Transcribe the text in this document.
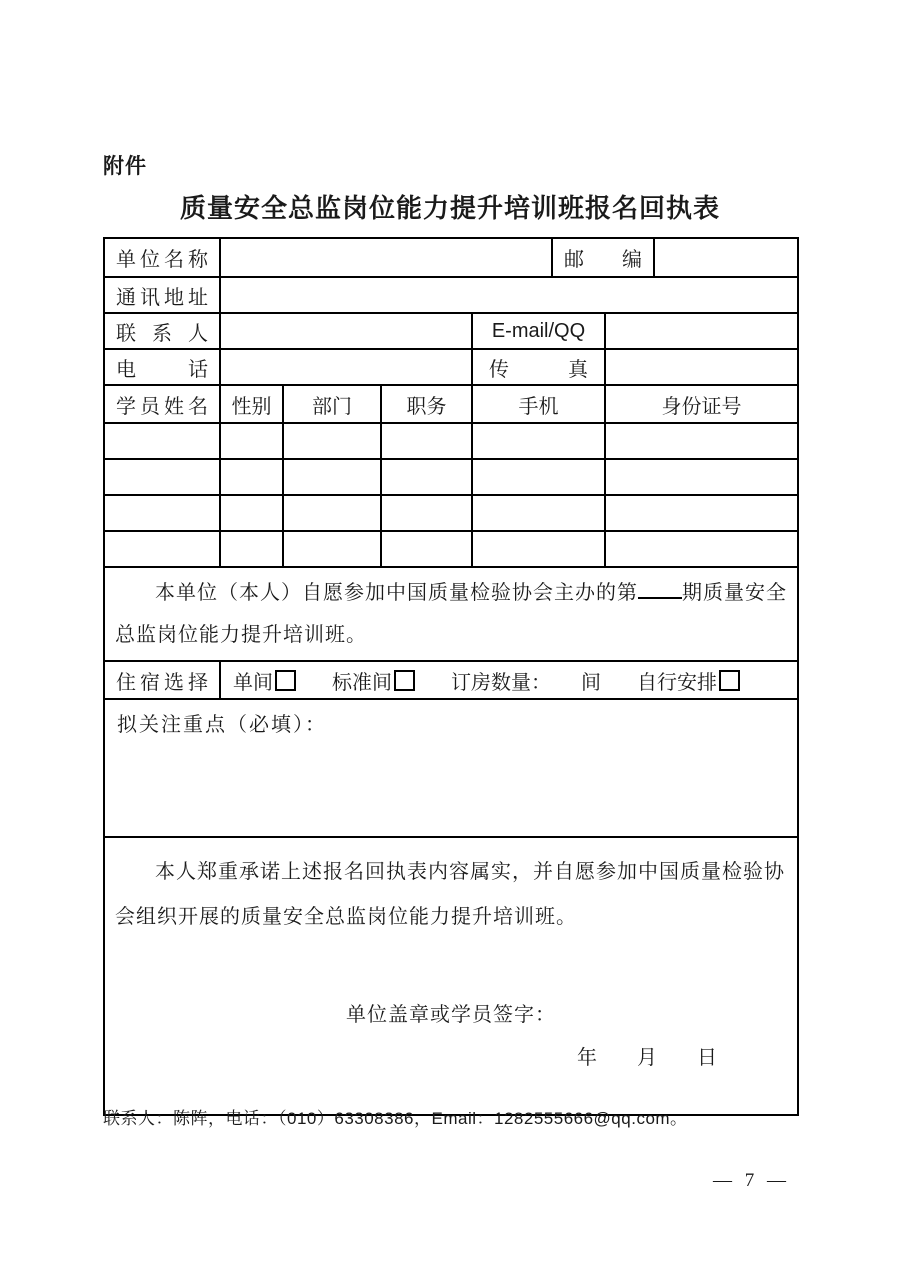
附件
质量安全总监岗位能力提升培训班报名回执表
单位名称					邮编		
通讯地址							
联系人				E-mail/QQ			
电话				传真			
学员姓名	性别	部门	职务	手机		身份证号	

本单位（本人）自愿参加中国质量检验协会主办的第 期质量安全总监岗位能力提升培训班。							

住宿选择	单间 标准间 订房数量： 间 自行安排						
拟关注重点（必填）：							

本人郑重承诺上述报名回执表内容属实，并自愿参加中国质量检验协会组织开展的质量安全总监岗位能力提升培训班。

单位盖章或学员签字：
年　　月　　日							
联系人：陈阵，电话：（010）63308386，Email：1282555666@qq.com。
— 7 —
